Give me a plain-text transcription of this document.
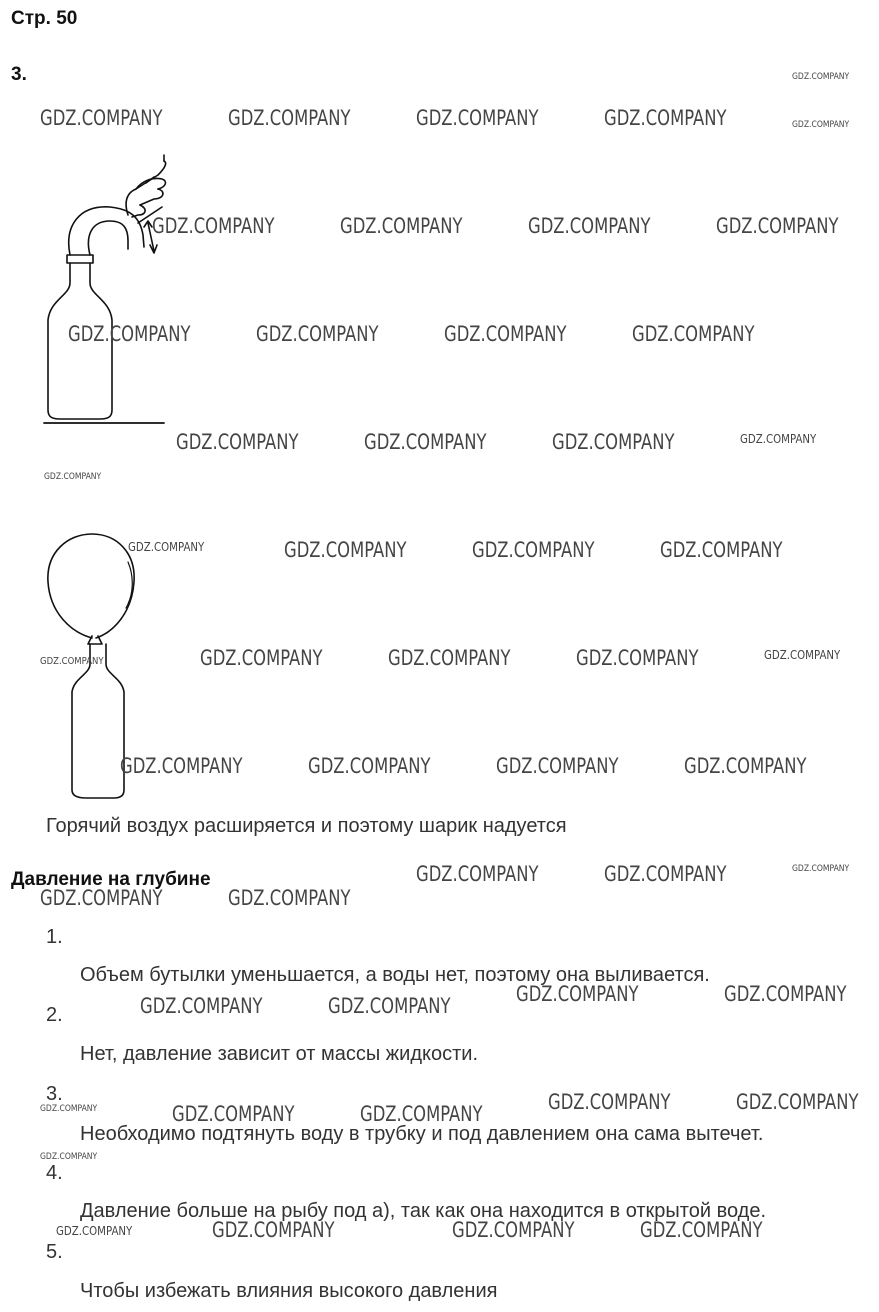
Стр. 50
3.
Горячий воздух расширяется и поэтому шарик надуется
Давление на глубине
1.
Объем бутылки уменьшается, а воды нет, поэтому она выливается.
2.
Нет, давление зависит от массы жидкости.
3.
Необходимо подтянуть воду в трубку и под давлением она сама вытечет.
4.
Давление больше на рыбу под а), так как она находится в открытой воде.
5.
Чтобы избежать влияния высокого давления
GDZ.COMPANY	GDZ.COMPANY	GDZ.COMPANY	GDZ.COMPANY
GDZ.COMPANY	GDZ.COMPANY	GDZ.COMPANY	GDZ.COMPANY
GDZ.COMPANY	GDZ.COMPANY	GDZ.COMPANY	GDZ.COMPANY
GDZ.COMPANY	GDZ.COMPANY	GDZ.COMPANY
GDZ.COMPANY	GDZ.COMPANY	GDZ.COMPANY
GDZ.COMPANY	GDZ.COMPANY	GDZ.COMPANY
GDZ.COMPANY	GDZ.COMPANY	GDZ.COMPANY	GDZ.COMPANY
GDZ.COMPANY	GDZ.COMPANY
GDZ.COMPANY	GDZ.COMPANY
GDZ.COMPANY	GDZ.COMPANY	GDZ.COMPANY	GDZ.COMPANY
GDZ.COMPANY	GDZ.COMPANY	GDZ.COMPANY	GDZ.COMPANY
GDZ.COMPANY	GDZ.COMPANY	GDZ.COMPANY
GDZ.COMPANY
GDZ.COMPANY
GDZ.COMPANY
GDZ.COMPANY
GDZ.COMPANY
GDZ.COMPANY	GDZ.COMPANY
GDZ.COMPANY
GDZ.COMPANY
GDZ.COMPANY
GDZ.COMPANY
